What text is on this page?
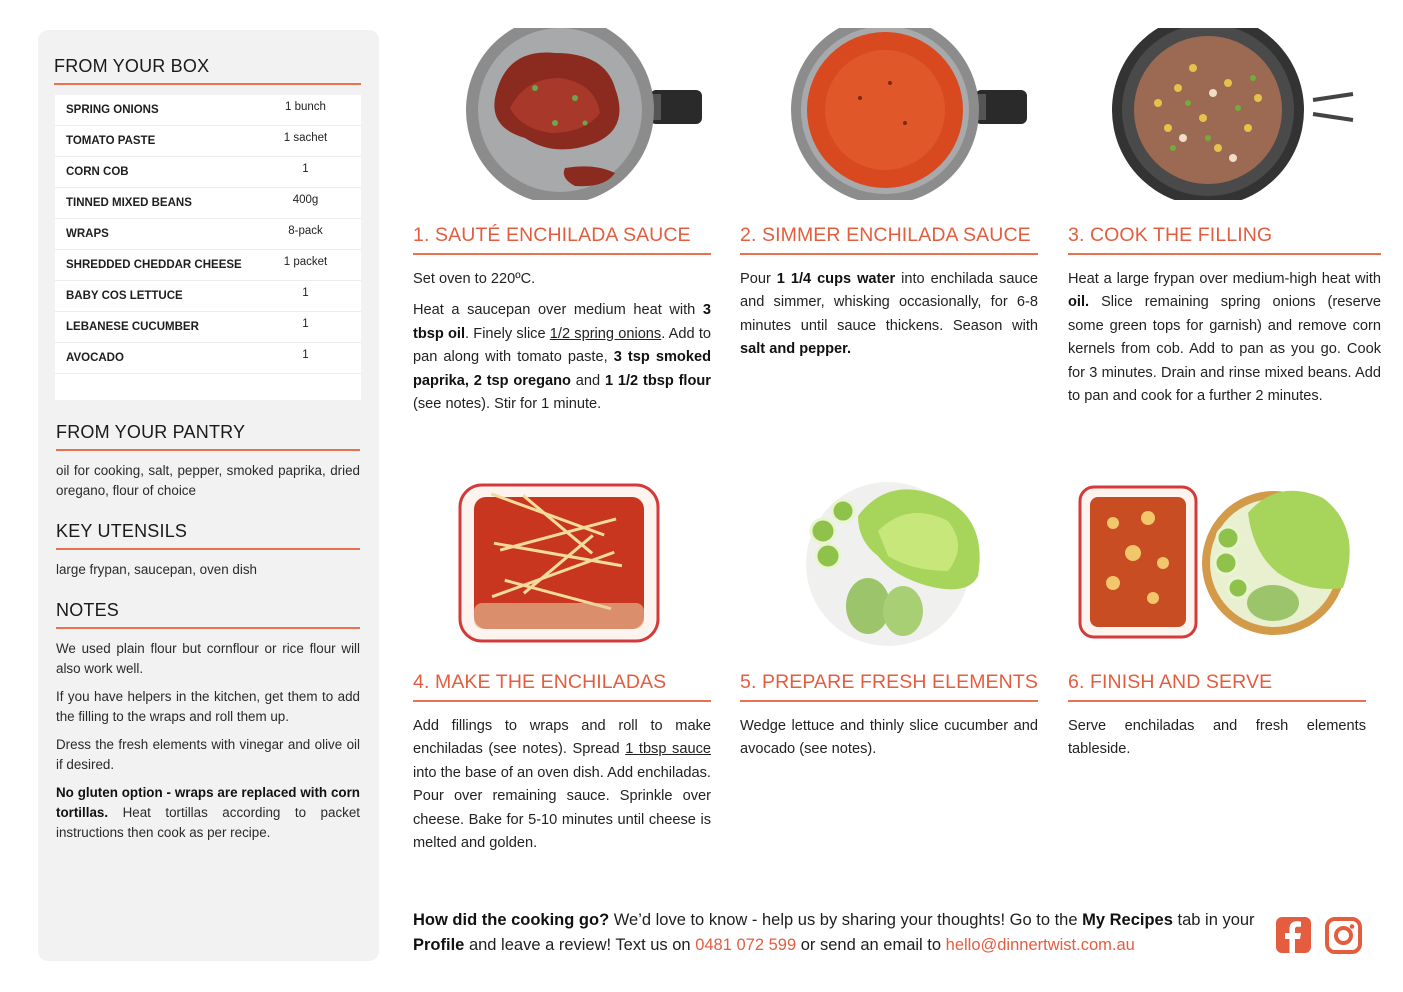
FROM YOUR BOX
SPRING ONIONS	1 bunch
TOMATO PASTE	1 sachet
CORN COB	1
TINNED MIXED BEANS	400g
WRAPS	8-pack
SHREDDED CHEDDAR CHEESE	1 packet
BABY COS LETTUCE	1
LEBANESE CUCUMBER	1
AVOCADO	1
FROM YOUR PANTRY
oil for cooking, salt, pepper, smoked paprika, dried oregano, flour of choice
KEY UTENSILS
large frypan, saucepan, oven dish
NOTES

We used plain flour but cornflour or rice flour will also work well.

If you have helpers in the kitchen, get them to add the filling to the wraps and roll them up.

Dress the fresh elements with vinegar and olive oil if desired.

No gluten option - wraps are replaced with corn tortillas. Heat tortillas according to packet instructions then cook as per recipe.

1. SAUTÉ ENCHILADA SAUCE

Set oven to 220ºC.

Heat a saucepan over medium heat with 3 tbsp oil. Finely slice 1/2 spring onions. Add to pan along with tomato paste, 3 tsp smoked paprika, 2 tsp oregano and 1 1/2 tbsp flour (see notes). Stir for 1 minute.

2. SIMMER ENCHILADA SAUCE

Pour 1 1/4 cups water into enchilada sauce and simmer, whisking occasionally, for 6-8 minutes until sauce thickens. Season with salt and pepper.

3. COOK THE FILLING

Heat a large frypan over medium-high heat with oil. Slice remaining spring onions (reserve some green tops for garnish) and remove corn kernels from cob. Add to pan as you go. Cook for 3 minutes. Drain and rinse mixed beans. Add to pan and cook for a further 2 minutes.

4. MAKE THE ENCHILADAS

Add fillings to wraps and roll to make enchiladas (see notes). Spread 1 tbsp sauce into the base of an oven dish. Add enchiladas. Pour over remaining sauce. Sprinkle over cheese. Bake for 5-10 minutes until cheese is melted and golden.

5. PREPARE FRESH ELEMENTS

Wedge lettuce and thinly slice cucumber and avocado (see notes).

6. FINISH AND SERVE

Serve enchiladas and fresh elements tableside.

How did the cooking go? We’d love to know - help us by sharing your thoughts! Go to the My Recipes tab in your Profile and leave a review! Text us on 0481 072 599 or send an email to hello@dinnertwist.com.au
